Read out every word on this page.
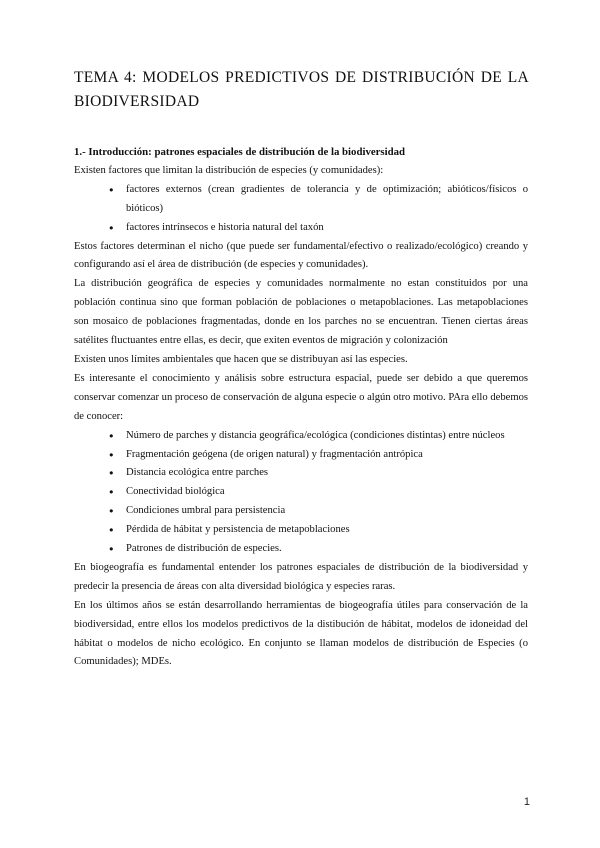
TEMA 4: MODELOS PREDICTIVOS DE DISTRIBUCIÓN DE LA BIODIVERSIDAD

1.- Introducción: patrones espaciales de distribución de la biodiversidad

Existen factores que limitan la distribución de especies (y comunidades):

● factores externos (crean gradientes de tolerancia y de optimización; abióticos/físicos o bióticos)
● factores intrínsecos e historia natural del taxón

Estos factores determinan el nicho (que puede ser fundamental/efectivo o realizado/ecológico) creando y configurando así el área de distribución (de especies y comunidades).

La distribución geográfica de especies y comunidades normalmente no estan constituidos por una población continua sino que forman población de poblaciones o metapoblaciones. Las metapoblaciones son mosaico de poblaciones fragmentadas, donde en los parches no se encuentran. Tienen ciertas áreas satélites fluctuantes entre ellas, es decir, que exiten eventos de migración y colonización

Existen unos límites ambientales que hacen que se distribuyan así las especies.

Es interesante el conocimiento y análisis sobre estructura espacial, puede ser debido a que queremos conservar comenzar un proceso de conservación de alguna especie o algún otro motivo. PAra ello debemos de conocer:

● Número de parches y distancia geográfica/ecológica (condiciones distintas) entre núcleos
● Fragmentación geógena (de origen natural) y fragmentación antrópica
● Distancia ecológica entre parches
● Conectividad biológica
● Condiciones umbral para persistencia
● Pérdida de hábitat y persistencia de metapoblaciones
● Patrones de distribución de especies.

En biogeografía es fundamental entender los patrones espaciales de distribución de la biodiversidad y predecir la presencia de áreas con alta diversidad biológica y especies raras.

En los últimos años se están desarrollando herramientas de biogeografía útiles para conservación de la biodiversidad, entre ellos los modelos predictivos de la distibución de hábitat, modelos de idoneidad del hábitat o modelos de nicho ecológico. En conjunto se llaman modelos de distribución de Especies (o Comunidades); MDEs.

1
